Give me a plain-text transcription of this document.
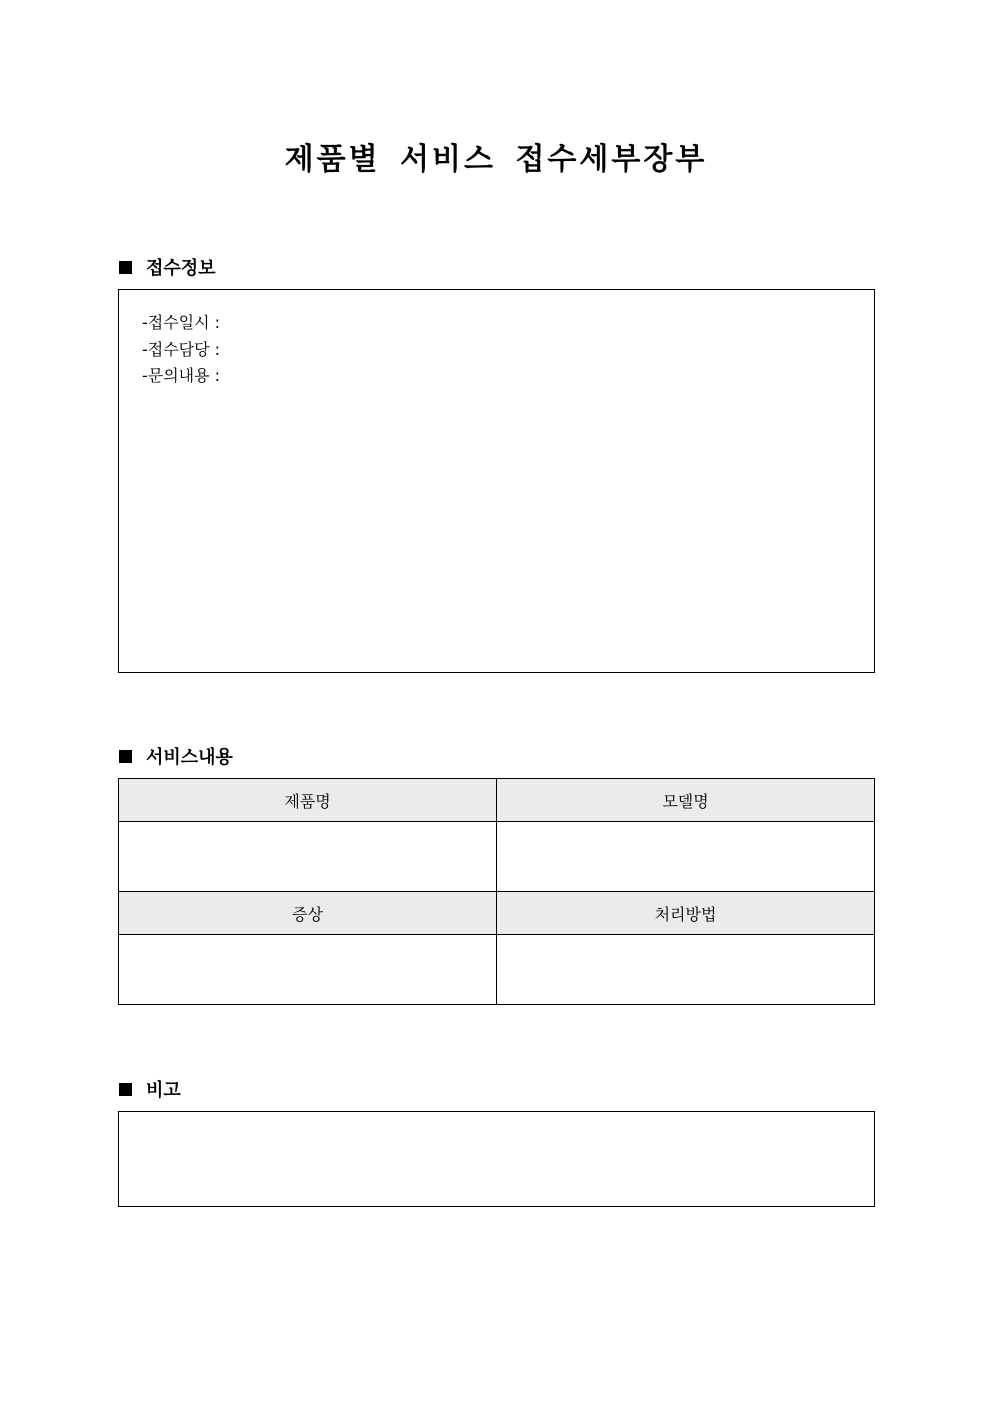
제품별 서비스 접수세부장부
접수정보
-접수일시 :
-접수담당 :
-문의내용 :
서비스내용
제품명	모델명

증상	처리방법

비고
